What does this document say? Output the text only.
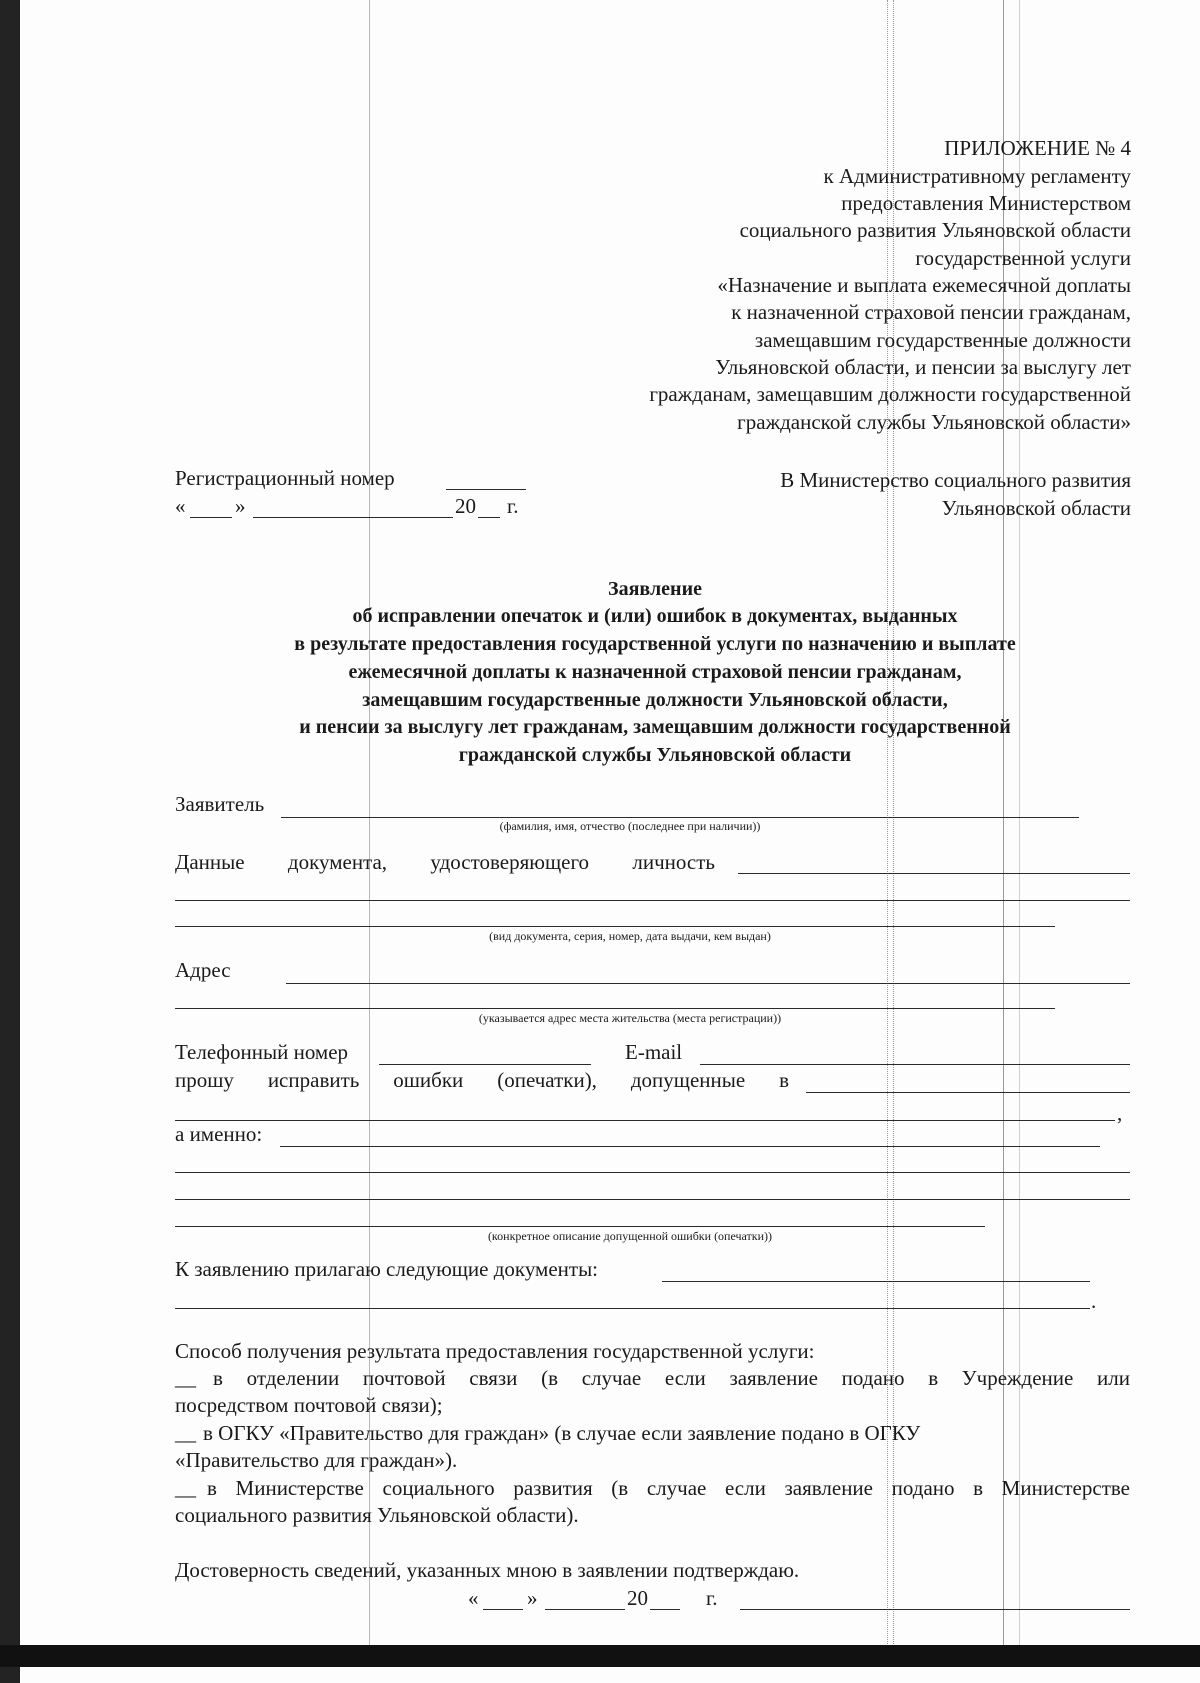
ПРИЛОЖЕНИЕ № 4
к Административному регламенту
предоставления Министерством
социального развития Ульяновской области
государственной услуги
«Назначение и выплата ежемесячной доплаты
к назначенной страховой пенсии гражданам,
замещавшим государственные должности
Ульяновской области, и пенсии за выслугу лет
гражданам, замещавшим должности государственной
гражданской службы Ульяновской области»
Регистрационный номер
« »	20 г.
В Министерство социального развития
Ульяновской области
Заявление
об исправлении опечаток и (или) ошибок в документах, выданных
в результате предоставления государственной услуги по назначению и выплате
ежемесячной доплаты к назначенной страховой пенсии гражданам,
замещавшим государственные должности Ульяновской области,
и пенсии за выслугу лет гражданам, замещавшим должности государственной
гражданской службы Ульяновской области
Заявитель
(фамилия, имя, отчество (последнее при наличии))
Данные документа, удостоверяющего личность
(вид документа, серия, номер, дата выдачи, кем выдан)
Адрес
(указывается адрес места жительства (места регистрации))
Телефонный номер	E-mail
прошу исправить ошибки (опечатки), допущенные в
,
а именно:
(конкретное описание допущенной ошибки (опечатки))
К заявлению прилагаю следующие документы:
.
Способ получения результата предоставления государственной услуги:
__ в отделении почтовой связи (в случае если заявление подано в Учреждение или
посредством почтовой связи);
__ в ОГКУ «Правительство для граждан» (в случае если заявление подано в ОГКУ
«Правительство для граждан»).
__ в Министерстве социального развития (в случае если заявление подано в Министерстве
социального развития Ульяновской области).
Достоверность сведений, указанных мною в заявлении подтверждаю.
« »	20	г.
